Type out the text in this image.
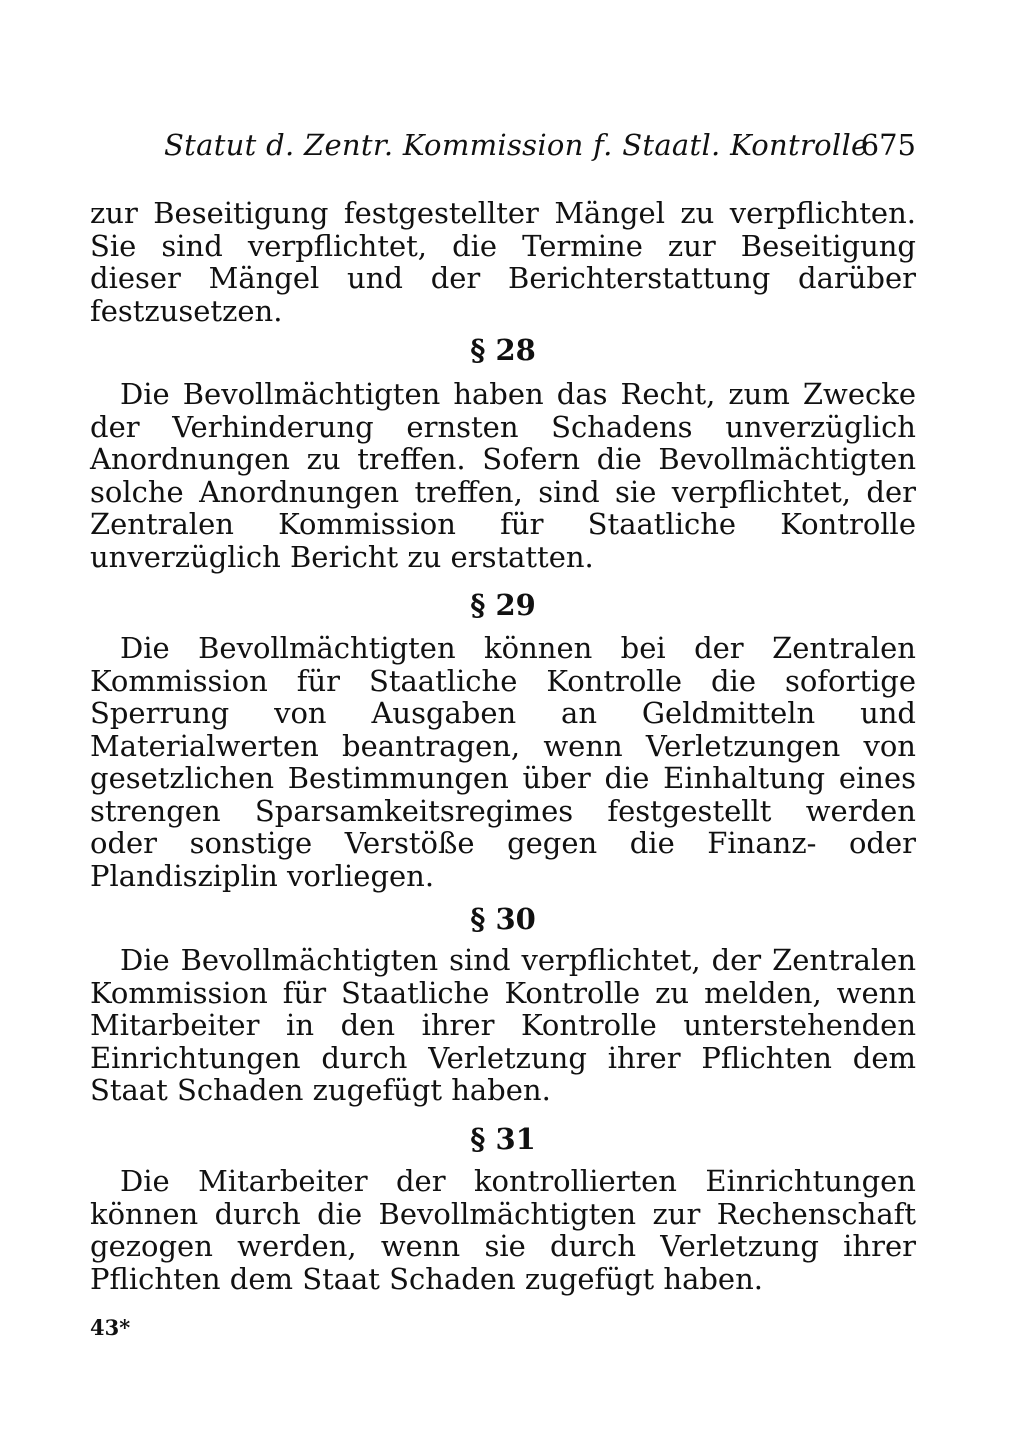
Statut d. Zentr. Kommission f. Staatl. Kontrolle
675

zur Beseitigung festgestellter Mängel zu verpflichten. Sie sind verpflichtet, die Termine zur Beseitigung dieser Mängel und der Berichterstattung darüber festzusetzen.

§ 28

Die Bevollmächtigten haben das Recht, zum Zwecke der Verhinderung ernsten Schadens unverzüglich Anordnungen zu treffen. Sofern die Bevollmächtigten solche Anordnungen treffen, sind sie verpflichtet, der Zentralen Kommission für Staatliche Kontrolle unverzüglich Bericht zu erstatten.

§ 29

Die Bevollmächtigten können bei der Zentralen Kommission für Staatliche Kontrolle die sofortige Sperrung von Ausgaben an Geldmitteln und Materialwerten beantragen, wenn Verletzungen von gesetzlichen Bestimmungen über die Einhaltung eines strengen Sparsamkeitsregimes festgestellt werden oder sonstige Verstöße gegen die Finanz- oder Plandisziplin vorliegen.

§ 30

Die Bevollmächtigten sind verpflichtet, der Zentralen Kommission für Staatliche Kontrolle zu melden, wenn Mitarbeiter in den ihrer Kontrolle unterstehenden Einrichtungen durch Verletzung ihrer Pflichten dem Staat Schaden zugefügt haben.

§ 31

Die Mitarbeiter der kontrollierten Einrichtungen können durch die Bevollmächtigten zur Rechenschaft gezogen werden, wenn sie durch Verletzung ihrer Pflichten dem Staat Schaden zugefügt haben.

43*
